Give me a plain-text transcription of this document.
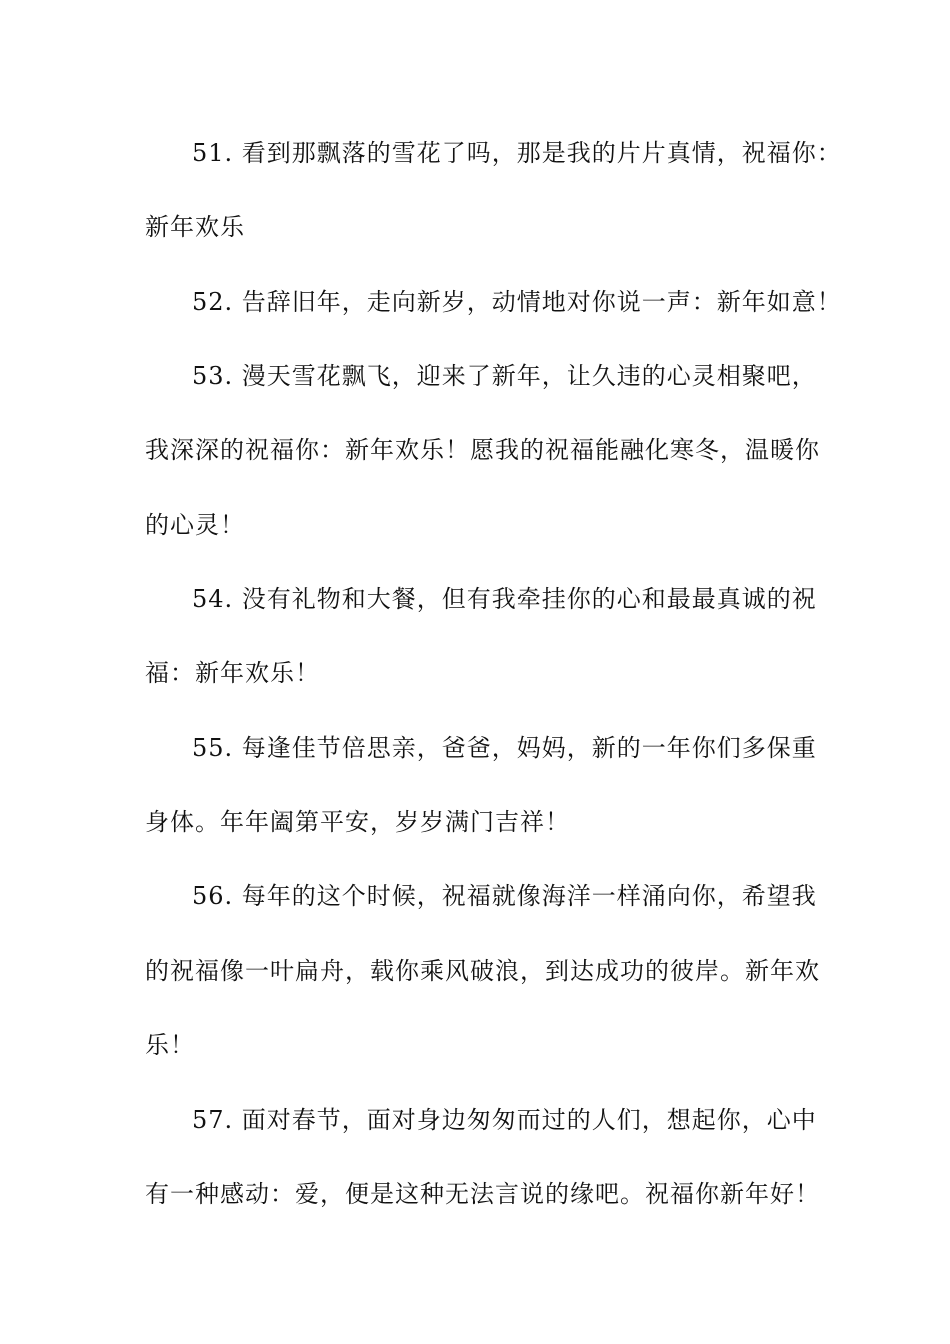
51. 看到那飘落的雪花了吗，那是我的片片真情，祝福你：
新年欢乐
52. 告辞旧年，走向新岁，动情地对你说一声：新年如意！
53. 漫天雪花飘飞，迎来了新年，让久违的心灵相聚吧，
我深深的祝福你：新年欢乐！愿我的祝福能融化寒冬，温暖你
的心灵！
54. 没有礼物和大餐，但有我牵挂你的心和最最真诚的祝
福：新年欢乐！
55. 每逢佳节倍思亲，爸爸，妈妈，新的一年你们多保重
身体。年年阖第平安，岁岁满门吉祥！
56. 每年的这个时候，祝福就像海洋一样涌向你，希望我
的祝福像一叶扁舟，载你乘风破浪，到达成功的彼岸。新年欢
乐！
57. 面对春节，面对身边匆匆而过的人们，想起你，心中
有一种感动：爱，便是这种无法言说的缘吧。祝福你新年好！
